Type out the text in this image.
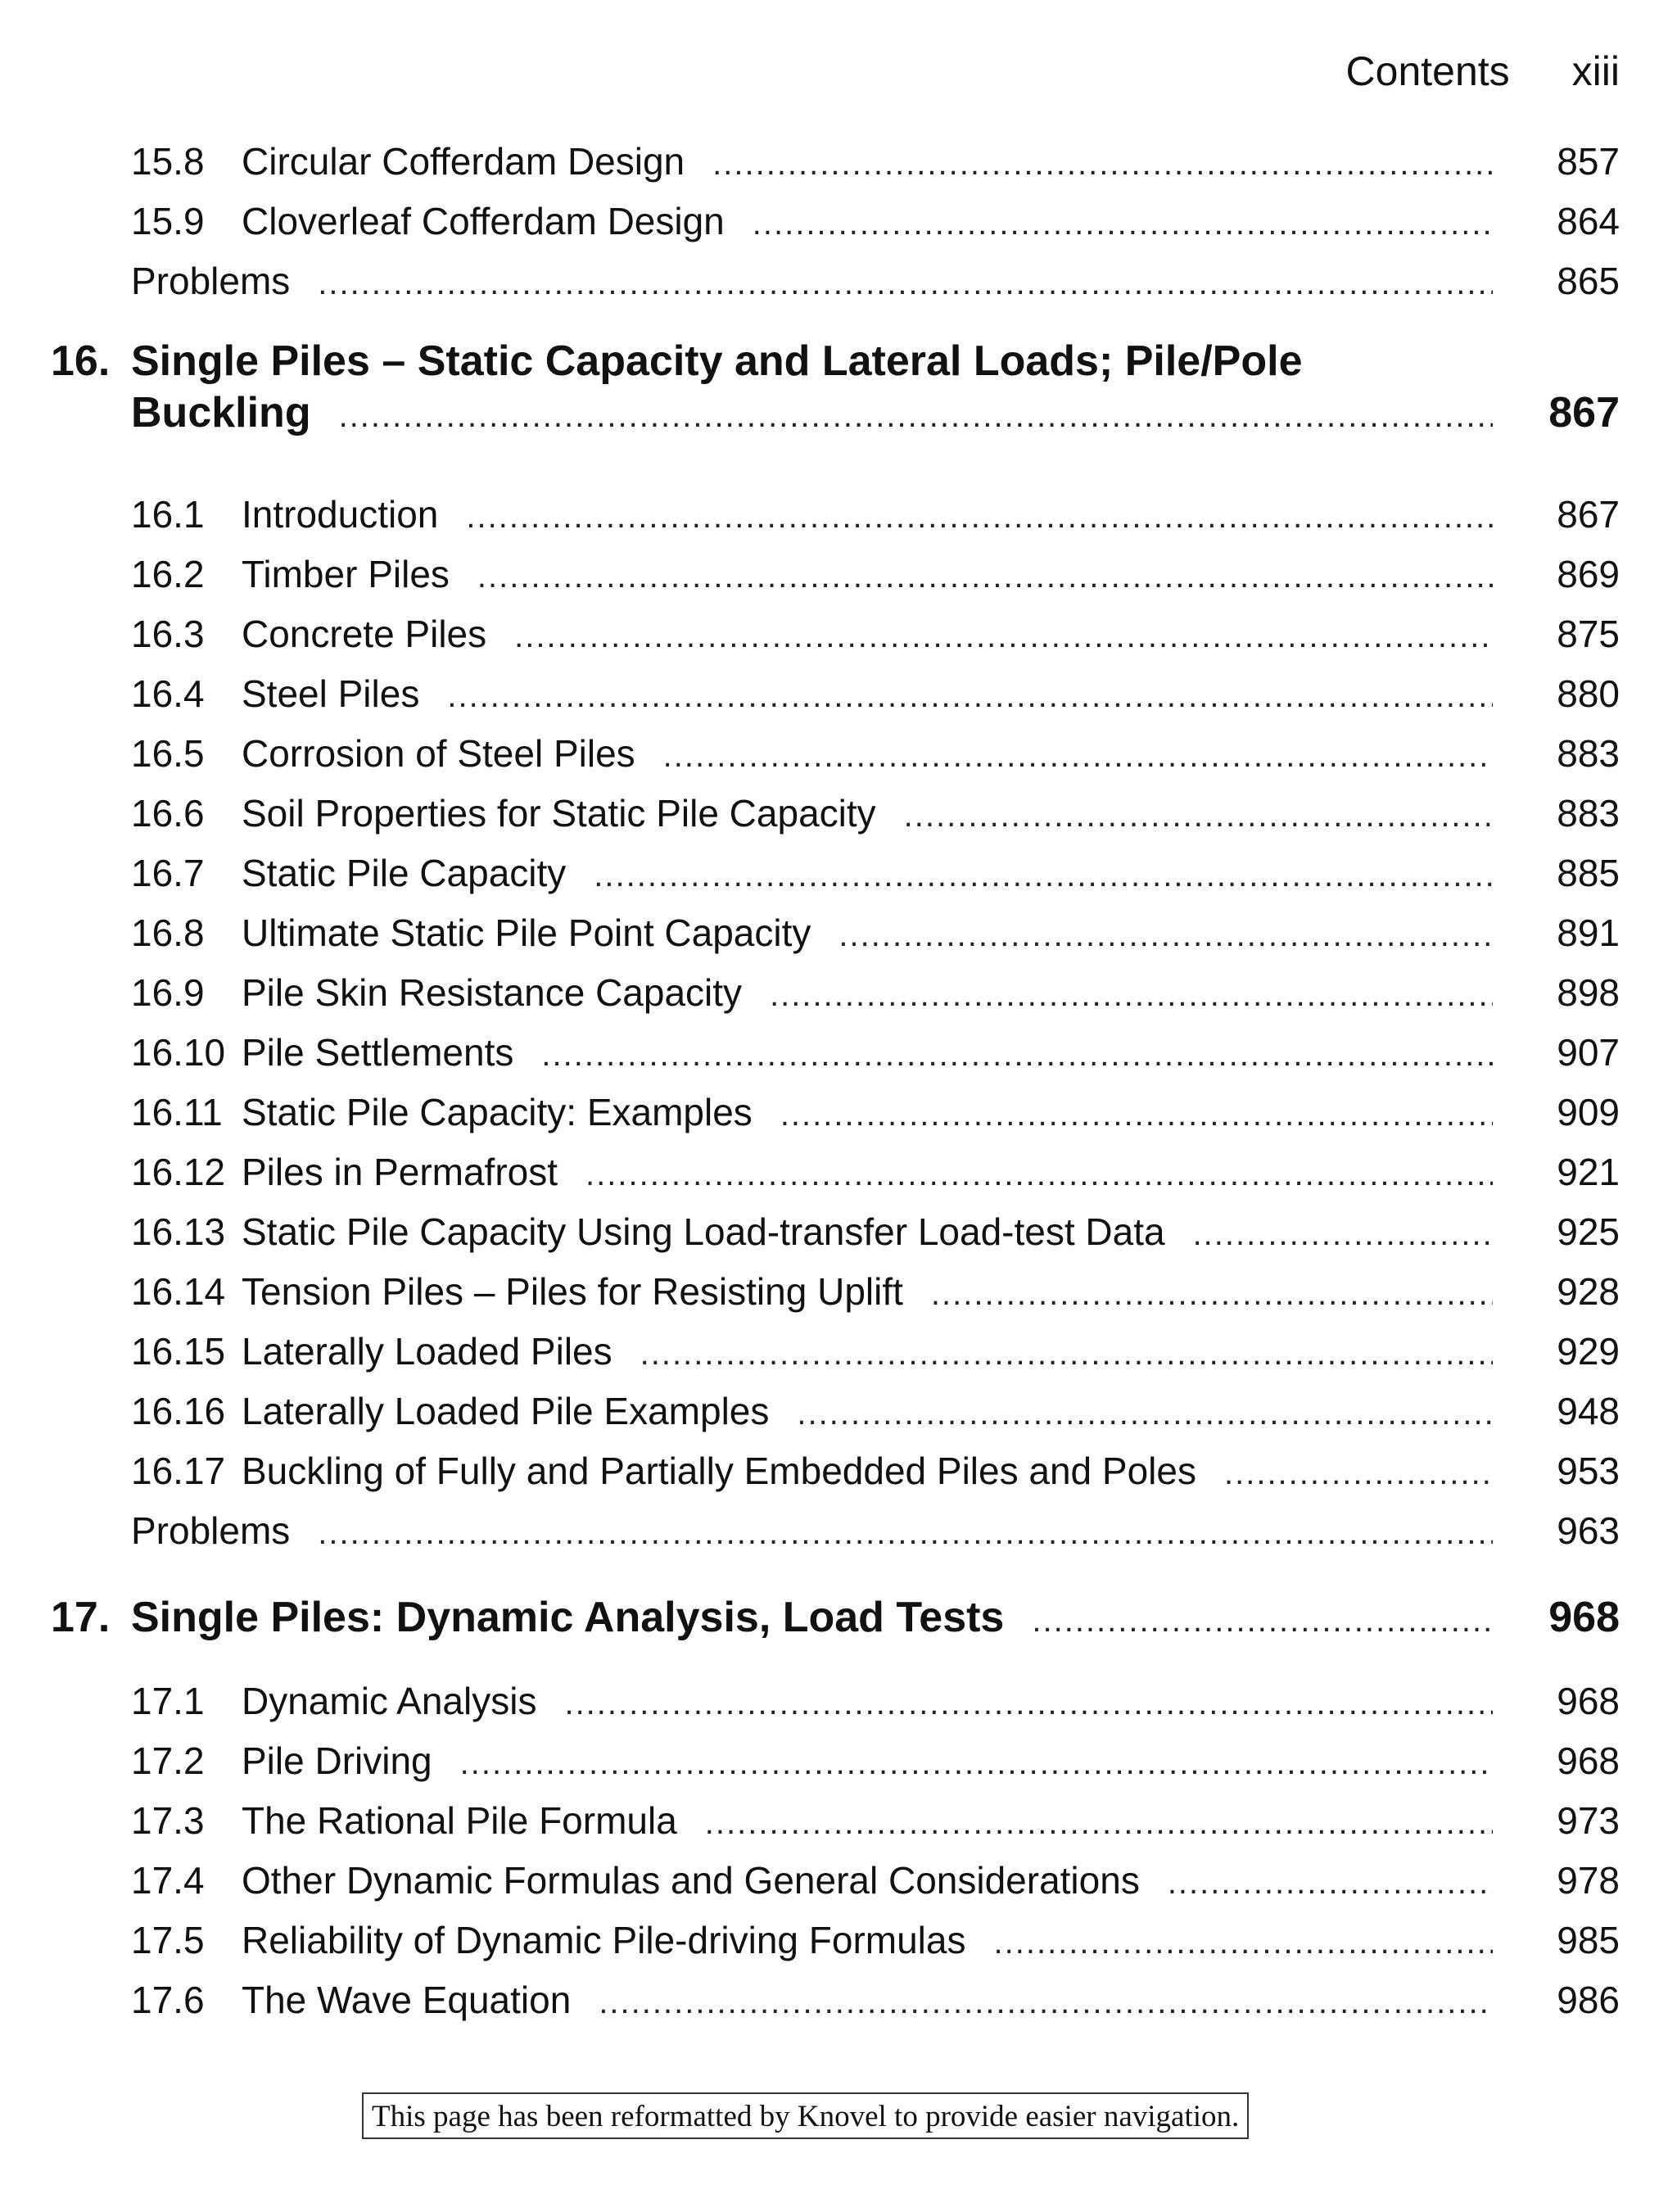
Contents xiii
15.8 Circular Cofferdam Design .....	857
15.9 Cloverleaf Cofferdam Design .....	864
Problems .....	865
16. Single Piles – Static Capacity and Lateral Loads; Pile/Pole
Buckling .....	867
16.1 Introduction .....	867
16.2 Timber Piles .....	869
16.3 Concrete Piles .....	875
16.4 Steel Piles .....	880
16.5 Corrosion of Steel Piles .....	883
16.6 Soil Properties for Static Pile Capacity .....	883
16.7 Static Pile Capacity .....	885
16.8 Ultimate Static Pile Point Capacity .....	891
16.9 Pile Skin Resistance Capacity .....	898
16.10 Pile Settlements .....	907
16.11 Static Pile Capacity: Examples .....	909
16.12 Piles in Permafrost .....	921
16.13 Static Pile Capacity Using Load-transfer Load-test Data .....	925
16.14 Tension Piles – Piles for Resisting Uplift .....	928
16.15 Laterally Loaded Piles .....	929
16.16 Laterally Loaded Pile Examples .....	948
16.17 Buckling of Fully and Partially Embedded Piles and Poles .....	953
Problems .....	963
17. Single Piles: Dynamic Analysis, Load Tests .....	968
17.1 Dynamic Analysis .....	968
17.2 Pile Driving .....	968
17.3 The Rational Pile Formula .....	973
17.4 Other Dynamic Formulas and General Considerations .....	978
17.5 Reliability of Dynamic Pile-driving Formulas .....	985
17.6 The Wave Equation .....	986
This page has been reformatted by Knovel to provide easier navigation.
